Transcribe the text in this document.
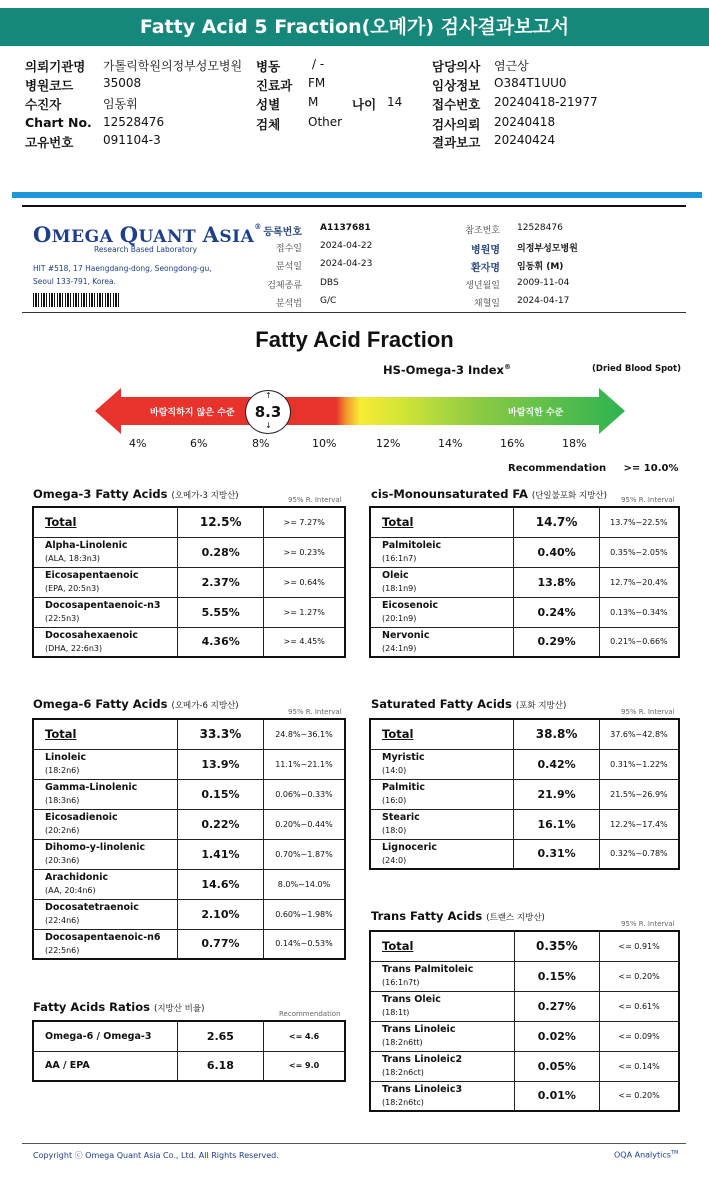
Fatty Acid 5 Fraction(오메가) 검사결과보고서
의뢰기관명 가톨릭학원의정부성모병원
병원코드 35008
수진자	임동휘
Chart No. 12528476
고유번호 091104-3
병동	/ -
진료과 FM
성별 M	나이 14
검체 Other
담당의사 염근상
임상정보 O384T1UU0
접수번호 20240418-21977
검사의뢰 20240418
결과보고 20240424
OMEGA QUANT ASIA®
Research Based Laboratory
HIT #518, 17 Haengdang-dong, Seongdong-gu,
Seoul 133-791, Korea.
등록번호 A1137681
접수일 2024-04-22
분석일 2024-04-23
검체종류 DBS
분석법 G/C
참조번호 12528476
병원명 의정부성모병원
환자명 임동휘 (M)
생년월일 2009-11-04
채혈일 2024-04-17
Fatty Acid Fraction
HS-Omega-3 Index®	(Dried Blood Spot)
바람직하지 않은 수준	바람직한 수준
8.3
↑
↓
4%	6%	8%	10%	12%	14%	16%	18%
Recommendation >= 10.0%
Omega-3 Fatty Acids (오메가-3 지방산)	95% R. Interval
Total	12.5%	>= 7.27%
Alpha-Linolenic
(ALA, 18:3n3)	0.28%	>= 0.23%
Eicosapentaenoic
(EPA, 20:5n3)	2.37%	>= 0.64%
Docosapentaenoic-n3
(22:5n3)	5.55%	>= 1.27%
Docosahexaenoic
(DHA, 22:6n3)	4.36%	>= 4.45%
cis-Monounsaturated FA (단일불포화 지방산) 95% R. Interval
Total	14.7%	13.7%~22.5%
Palmitoleic
(16:1n7)	0.40%	0.35%~2.05%
Oleic
(18:1n9)	13.8%	12.7%~20.4%
Eicosenoic
(20:1n9)	0.24%	0.13%~0.34%
Nervonic
(24:1n9)	0.29%	0.21%~0.66%
Omega-6 Fatty Acids (오메가-6 지방산)
95% R. Interval
Total	33.3%	24.8%~36.1%
Linoleic
(18:2n6)	13.9%	11.1%~21.1%
Gamma-Linolenic
(18:3n6)	0.15%	0.06%~0.33%
Eicosadienoic
(20:2n6)	0.22%	0.20%~0.44%
Dihomo-y-linolenic
(20:3n6)	1.41%	0.70%~1.87%
Arachidonic
(AA, 20:4n6)	14.6%	8.0%~14.0%
Docosatetraenoic
(22:4n6)	2.10%	0.60%~1.98%
Docosapentaenoic-n6
(22:5n6)	0.77%	0.14%~0.53%
Saturated Fatty Acids (포화 지방산)
95% R. Interval
Total	38.8%	37.6%~42.8%
Myristic
(14:0)	0.42%	0.31%~1.22%
Palmitic
(16:0)	21.9%	21.5%~26.9%
Stearic
(18:0)	16.1%	12.2%~17.4%
Lignoceric
(24:0)	0.31%	0.32%~0.78%
Trans Fatty Acids (트랜스 지방산)
95% R. Interval
Total	0.35%	<= 0.91%
Trans Palmitoleic
(16:1n7t)	0.15%	<= 0.20%
Trans Oleic
(18:1t)	0.27%	<= 0.61%
Trans Linoleic
(18:2n6tt)	0.02%	<= 0.09%
Trans Linoleic2
(18:2n6ct)	0.05%	<= 0.14%
Trans Linoleic3
(18:2n6tc)	0.01%	<= 0.20%
Fatty Acids Ratios (지방산 비율)	Recommendation
Omega-6 / Omega-3	2.65	<= 4.6
AA / EPA	6.18	<= 9.0
Copyright ⓒ Omega Quant Asia Co., Ltd. All Rights Reserved.	OQA Analytics™
